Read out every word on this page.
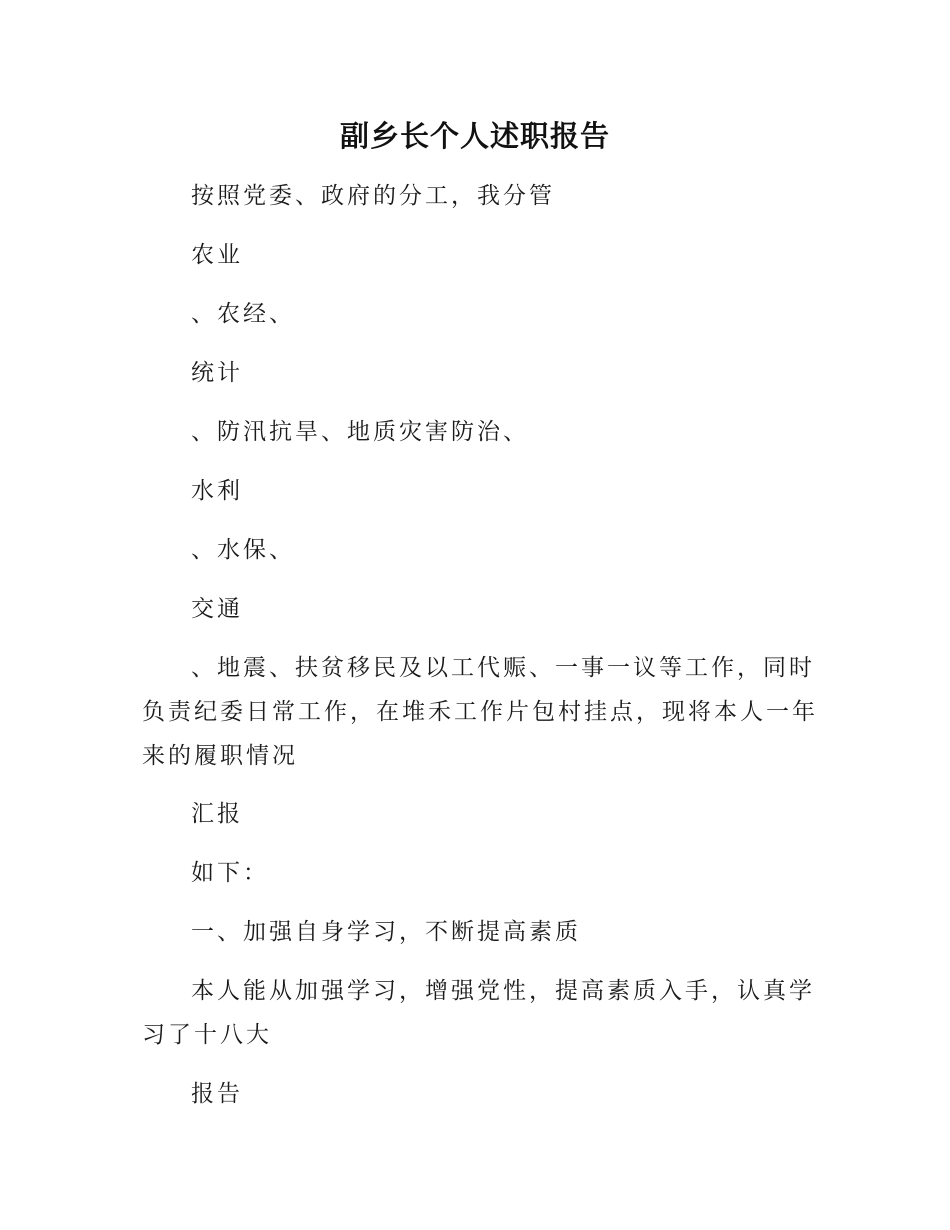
副乡长个人述职报告

按照党委、政府的分工，我分管

农业

、农经、

统计

、防汛抗旱、地质灾害防治、

水利

、水保、

交通

、地震、扶贫移民及以工代赈、一事一议等工作，同时负责纪委日常工作，在堆禾工作片包村挂点，现将本人一年来的履职情况

汇报

如下：

一、加强自身学习，不断提高素质

本人能从加强学习，增强党性，提高素质入手，认真学习了十八大

报告
